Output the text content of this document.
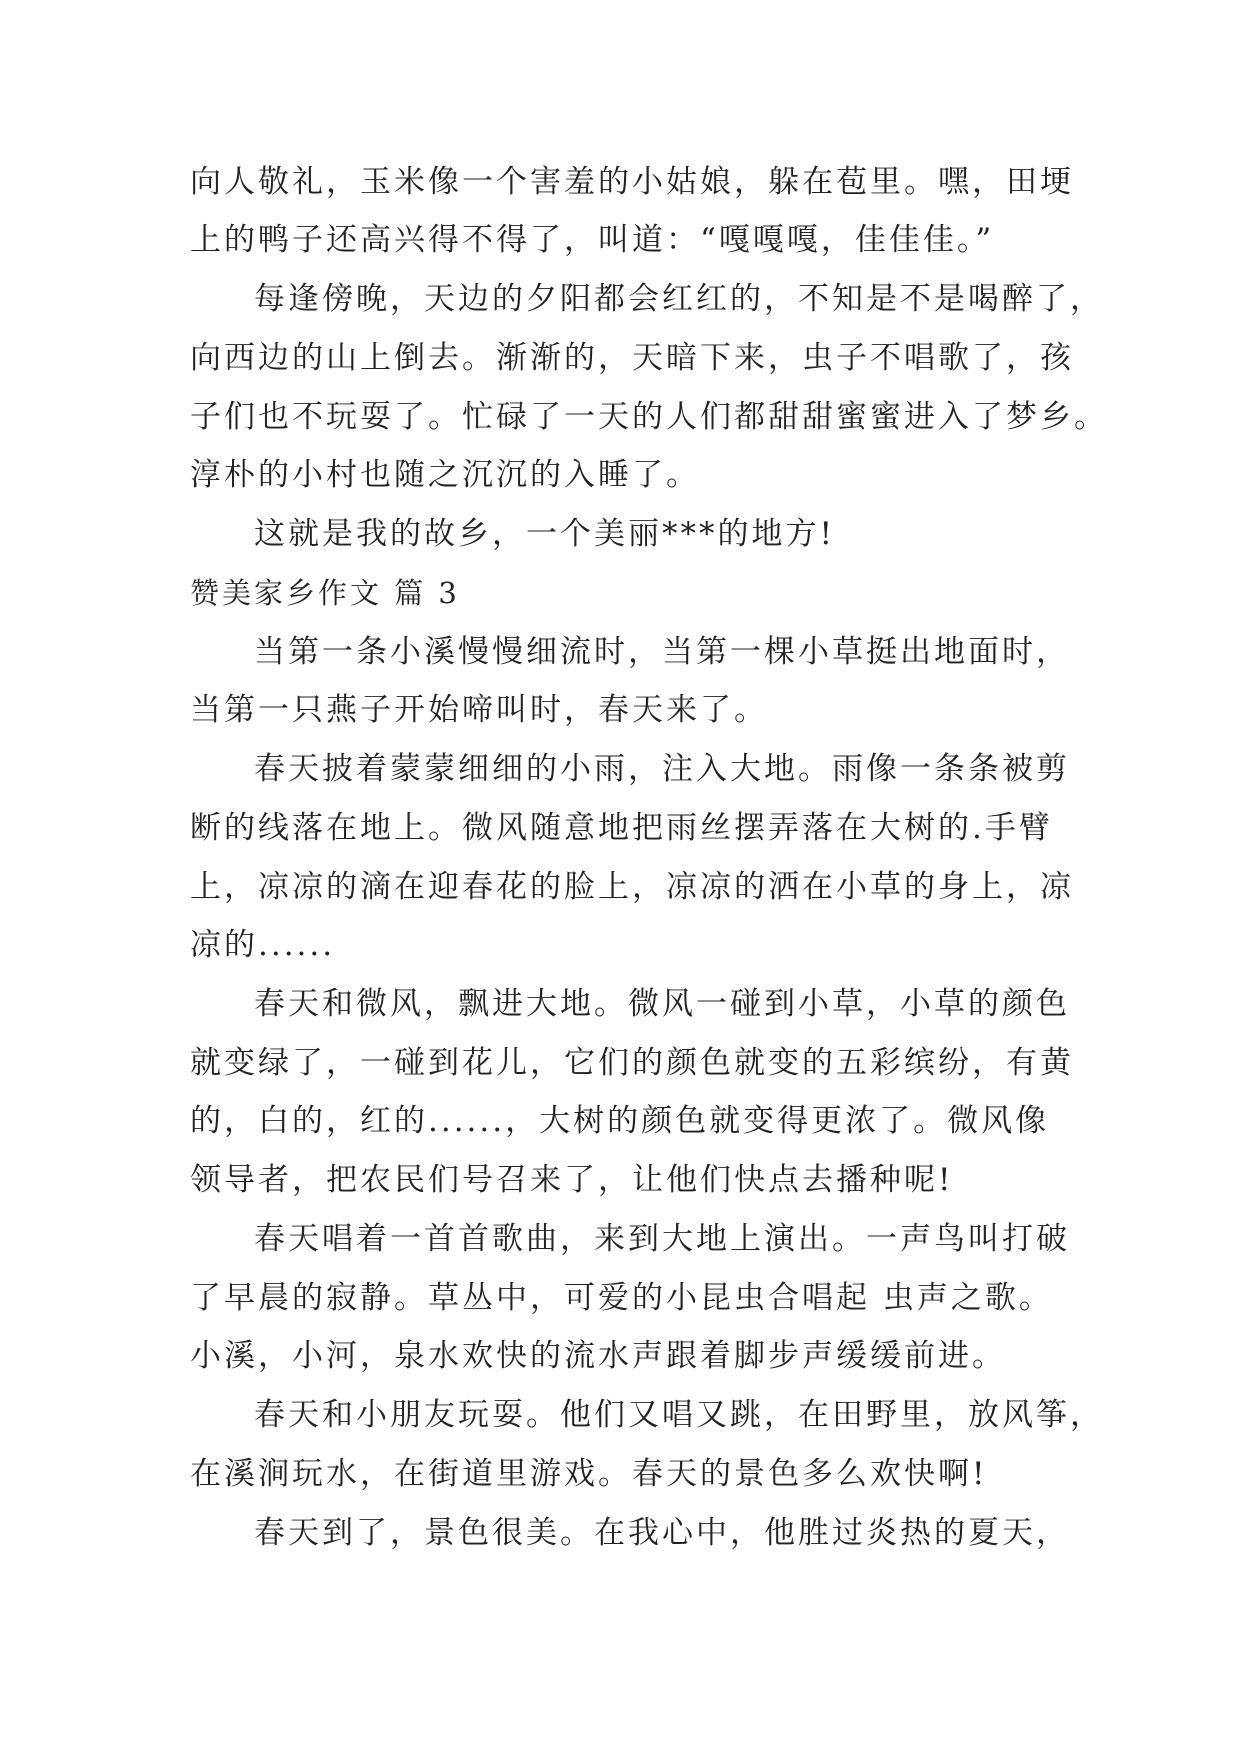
向人敬礼，玉米像一个害羞的小姑娘，躲在苞里。嘿，田埂
上的鸭子还高兴得不得了，叫道：“嘎嘎嘎，佳佳佳。”
每逢傍晚，天边的夕阳都会红红的，不知是不是喝醉了，
向西边的山上倒去。渐渐的，天暗下来，虫子不唱歌了，孩
子们也不玩耍了。忙碌了一天的人们都甜甜蜜蜜进入了梦乡。
淳朴的小村也随之沉沉的入睡了。
这就是我的故乡，一个美丽***的地方!
赞美家乡作文 篇 3
当第一条小溪慢慢细流时，当第一棵小草挺出地面时，
当第一只燕子开始啼叫时，春天来了。
春天披着蒙蒙细细的小雨，注入大地。雨像一条条被剪
断的线落在地上。微风随意地把雨丝摆弄落在大树的.手臂
上，凉凉的滴在迎春花的脸上，凉凉的洒在小草的身上，凉
凉的......
春天和微风，飘进大地。微风一碰到小草，小草的颜色
就变绿了，一碰到花儿，它们的颜色就变的五彩缤纷，有黄
的，白的，红的......，大树的颜色就变得更浓了。微风像
领导者，把农民们号召来了，让他们快点去播种呢!
春天唱着一首首歌曲，来到大地上演出。一声鸟叫打破
了早晨的寂静。草丛中，可爱的小昆虫合唱起 虫声之歌。
小溪，小河，泉水欢快的流水声跟着脚步声缓缓前进。
春天和小朋友玩耍。他们又唱又跳，在田野里，放风筝，
在溪涧玩水，在街道里游戏。春天的景色多么欢快啊!
春天到了，景色很美。在我心中，他胜过炎热的夏天，
